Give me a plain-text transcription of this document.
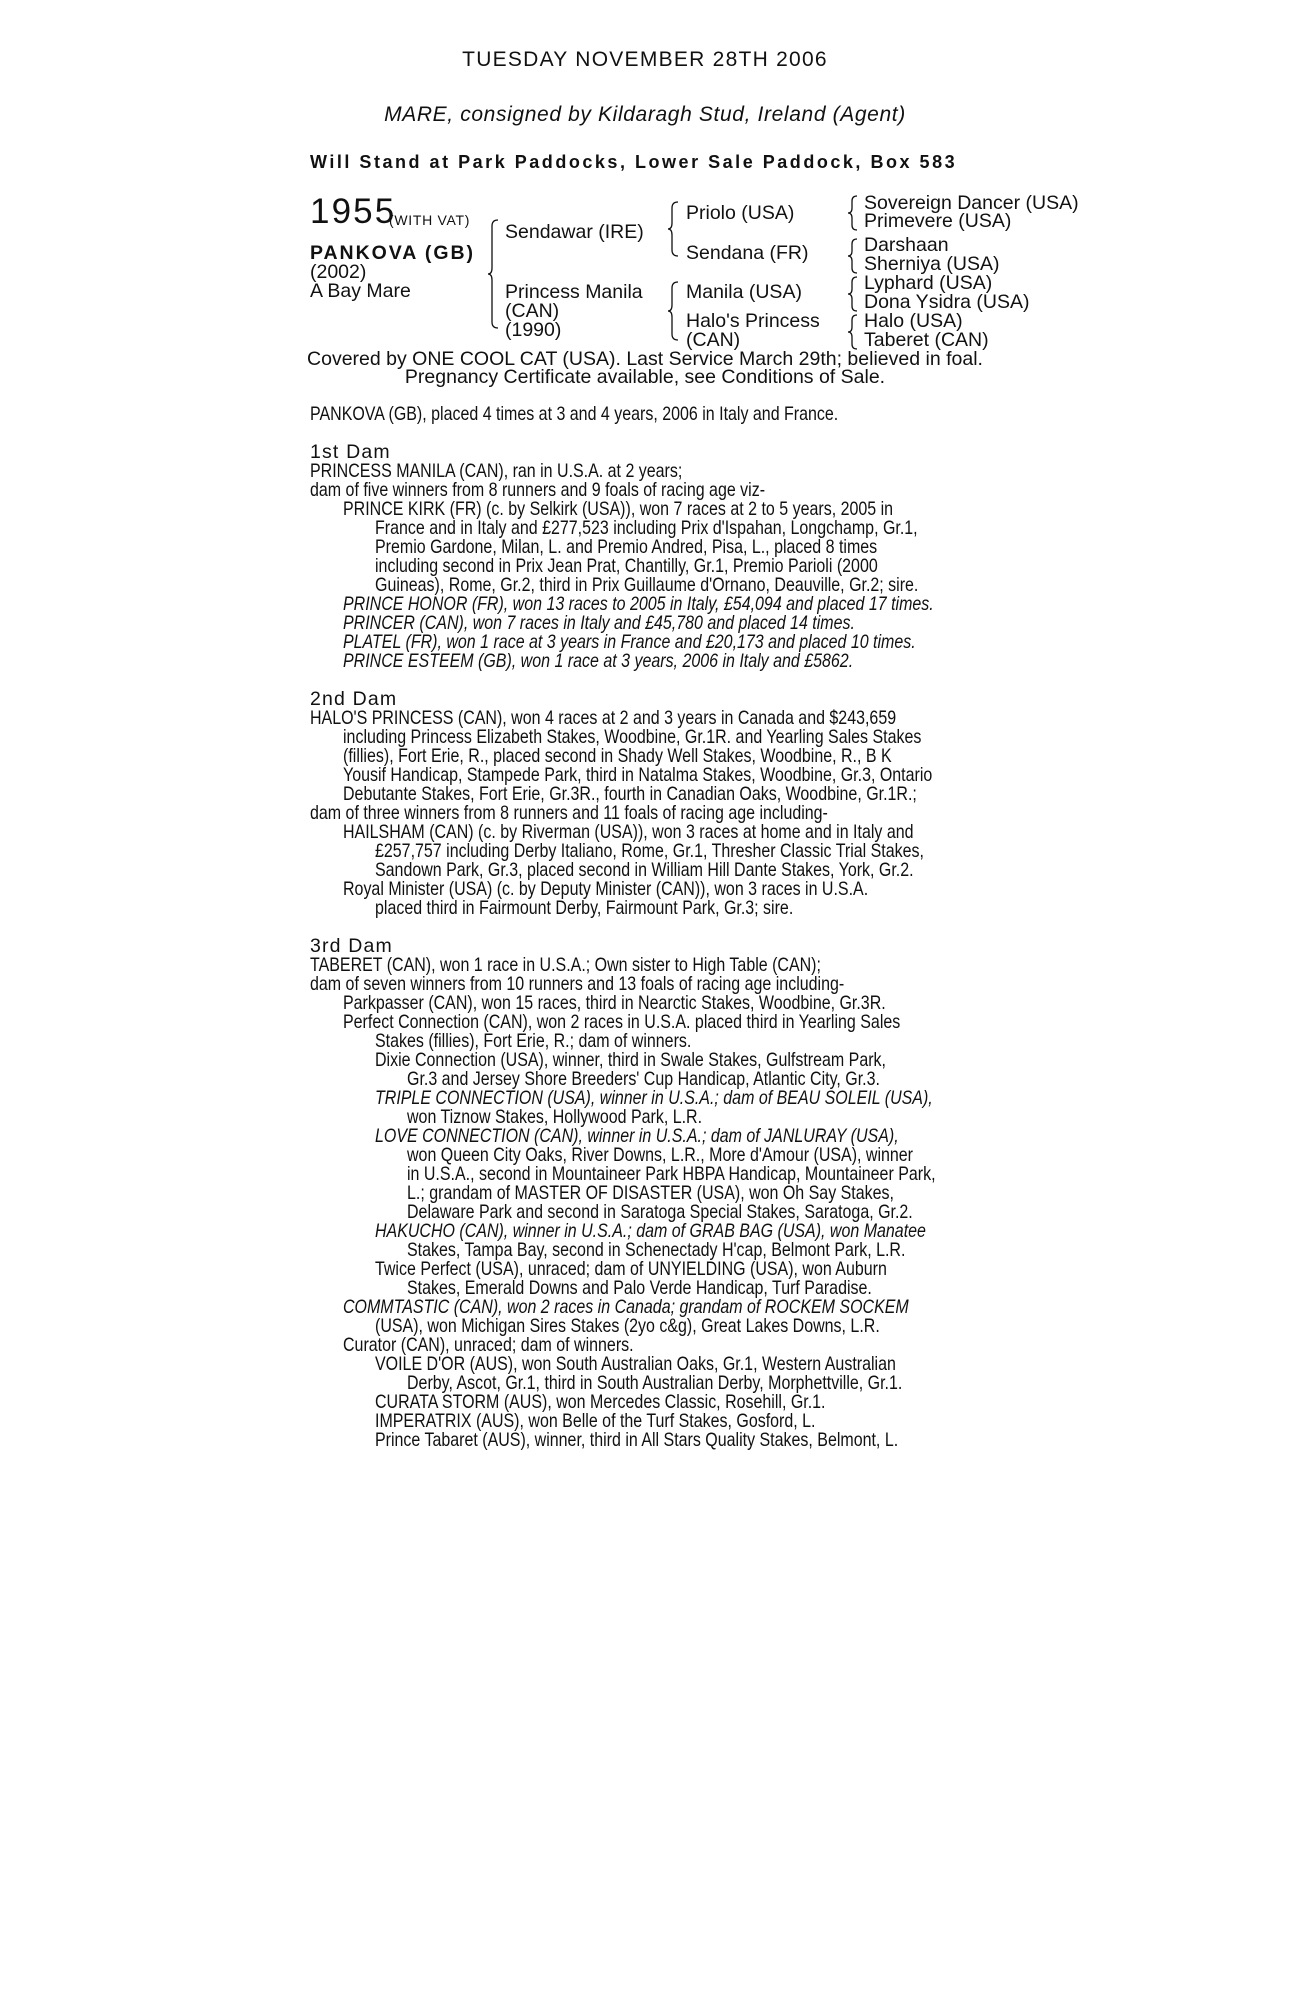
TUESDAY NOVEMBER 28TH 2006
MARE, consigned by Kildaragh Stud, Ireland (Agent)
Will Stand at Park Paddocks, Lower Sale Paddock, Box 583
1955
(WITH VAT)
PANKOVA (GB)
(2002)
A Bay Mare
Sendawar (IRE)
Princess Manila
(CAN)
(1990)
Priolo (USA)
Sendana (FR)
Manila (USA)
Halo's Princess
(CAN)
Sovereign Dancer (USA)
Primevere (USA)
Darshaan
Sherniya (USA)
Lyphard (USA)
Dona Ysidra (USA)
Halo (USA)
Taberet (CAN)
Covered by ONE COOL CAT (USA). Last Service March 29th; believed in foal.
Pregnancy Certificate available, see Conditions of Sale.
PANKOVA (GB), placed 4 times at 3 and 4 years, 2006 in Italy and France.
1st Dam
PRINCESS MANILA (CAN), ran in U.S.A. at 2 years;
dam of five winners from 8 runners and 9 foals of racing age viz-
PRINCE KIRK (FR) (c. by Selkirk (USA)), won 7 races at 2 to 5 years, 2005 in
France and in Italy and £277,523 including Prix d'Ispahan, Longchamp, Gr.1,
Premio Gardone, Milan, L. and Premio Andred, Pisa, L., placed 8 times
including second in Prix Jean Prat, Chantilly, Gr.1, Premio Parioli (2000
Guineas), Rome, Gr.2, third in Prix Guillaume d'Ornano, Deauville, Gr.2; sire.
PRINCE HONOR (FR), won 13 races to 2005 in Italy, £54,094 and placed 17 times.
PRINCER (CAN), won 7 races in Italy and £45,780 and placed 14 times.
PLATEL (FR), won 1 race at 3 years in France and £20,173 and placed 10 times.
PRINCE ESTEEM (GB), won 1 race at 3 years, 2006 in Italy and £5862.
2nd Dam
HALO'S PRINCESS (CAN), won 4 races at 2 and 3 years in Canada and $243,659
including Princess Elizabeth Stakes, Woodbine, Gr.1R. and Yearling Sales Stakes
(fillies), Fort Erie, R., placed second in Shady Well Stakes, Woodbine, R., B K
Yousif Handicap, Stampede Park, third in Natalma Stakes, Woodbine, Gr.3, Ontario
Debutante Stakes, Fort Erie, Gr.3R., fourth in Canadian Oaks, Woodbine, Gr.1R.;
dam of three winners from 8 runners and 11 foals of racing age including-
HAILSHAM (CAN) (c. by Riverman (USA)), won 3 races at home and in Italy and
£257,757 including Derby Italiano, Rome, Gr.1, Thresher Classic Trial Stakes,
Sandown Park, Gr.3, placed second in William Hill Dante Stakes, York, Gr.2.
Royal Minister (USA) (c. by Deputy Minister (CAN)), won 3 races in U.S.A.
placed third in Fairmount Derby, Fairmount Park, Gr.3; sire.
3rd Dam
TABERET (CAN), won 1 race in U.S.A.; Own sister to High Table (CAN);
dam of seven winners from 10 runners and 13 foals of racing age including-
Parkpasser (CAN), won 15 races, third in Nearctic Stakes, Woodbine, Gr.3R.
Perfect Connection (CAN), won 2 races in U.S.A. placed third in Yearling Sales
Stakes (fillies), Fort Erie, R.; dam of winners.
Dixie Connection (USA), winner, third in Swale Stakes, Gulfstream Park,
Gr.3 and Jersey Shore Breeders' Cup Handicap, Atlantic City, Gr.3.
TRIPLE CONNECTION (USA), winner in U.S.A.; dam of BEAU SOLEIL (USA),
won Tiznow Stakes, Hollywood Park, L.R.
LOVE CONNECTION (CAN), winner in U.S.A.; dam of JANLURAY (USA),
won Queen City Oaks, River Downs, L.R., More d'Amour (USA), winner
in U.S.A., second in Mountaineer Park HBPA Handicap, Mountaineer Park,
L.; grandam of MASTER OF DISASTER (USA), won Oh Say Stakes,
Delaware Park and second in Saratoga Special Stakes, Saratoga, Gr.2.
HAKUCHO (CAN), winner in U.S.A.; dam of GRAB BAG (USA), won Manatee
Stakes, Tampa Bay, second in Schenectady H'cap, Belmont Park, L.R.
Twice Perfect (USA), unraced; dam of UNYIELDING (USA), won Auburn
Stakes, Emerald Downs and Palo Verde Handicap, Turf Paradise.
COMMTASTIC (CAN), won 2 races in Canada; grandam of ROCKEM SOCKEM
(USA), won Michigan Sires Stakes (2yo c&g), Great Lakes Downs, L.R.
Curator (CAN), unraced; dam of winners.
VOILE D'OR (AUS), won South Australian Oaks, Gr.1, Western Australian
Derby, Ascot, Gr.1, third in South Australian Derby, Morphettville, Gr.1.
CURATA STORM (AUS), won Mercedes Classic, Rosehill, Gr.1.
IMPERATRIX (AUS), won Belle of the Turf Stakes, Gosford, L.
Prince Tabaret (AUS), winner, third in All Stars Quality Stakes, Belmont, L.
